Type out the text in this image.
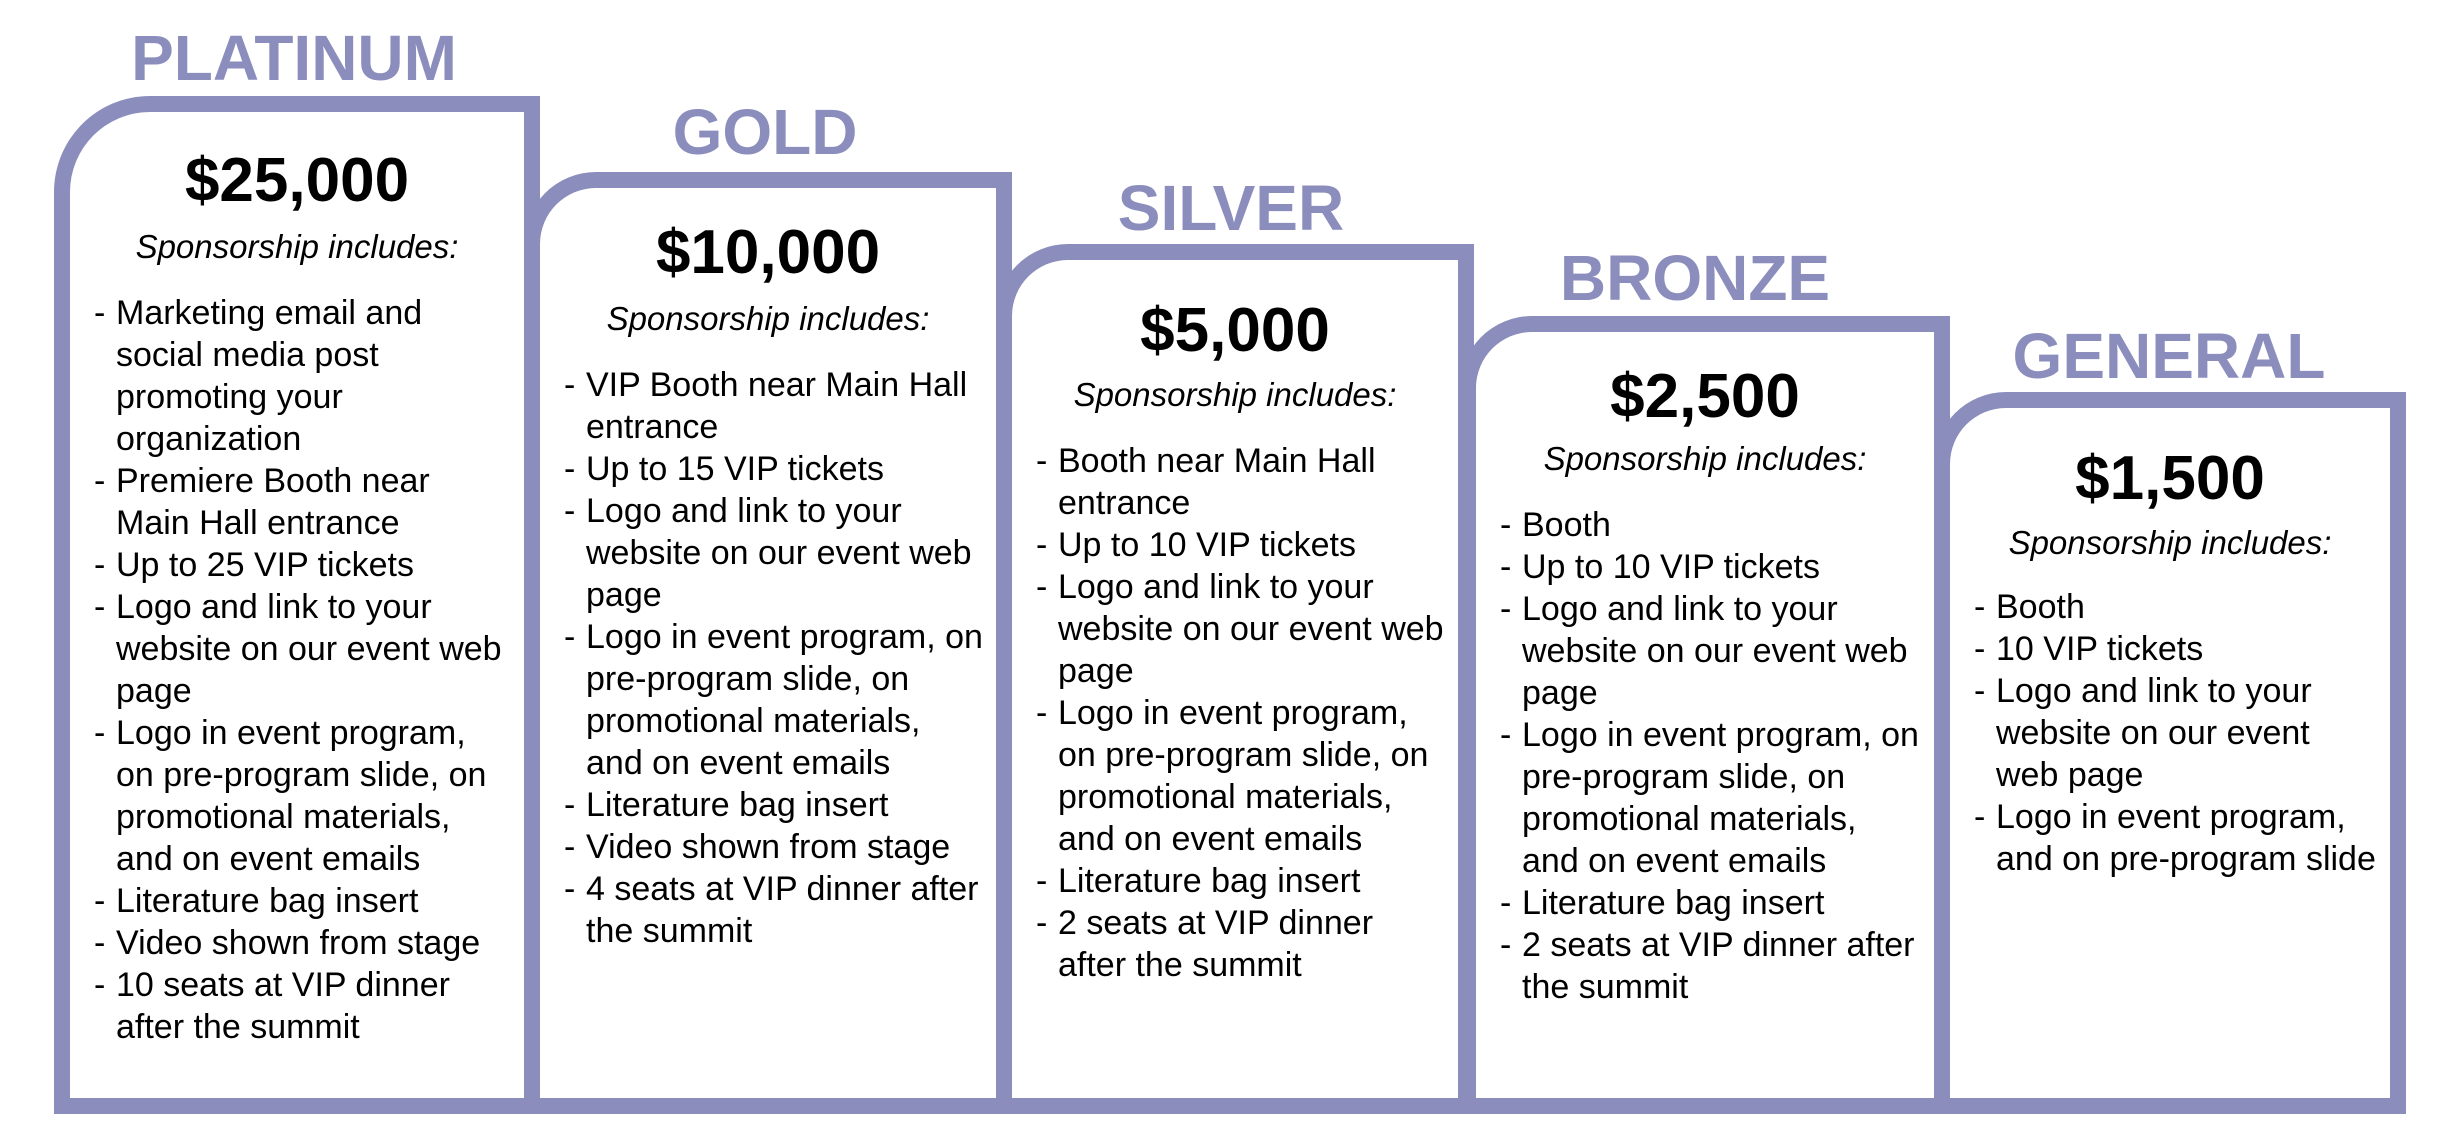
PLATINUM
$25,000
Sponsorship includes:
- Marketing email and social media post promoting your organization
- Premiere Booth near Main Hall entrance
- Up to 25 VIP tickets
- Logo and link to your website on our event web page
- Logo in event program, on pre-program slide, on promotional materials, and on event emails
- Literature bag insert
- Video shown from stage
- 10 seats at VIP dinner after the summit
GOLD
$10,000
Sponsorship includes:
- VIP Booth near Main Hall entrance
- Up to 15 VIP tickets
- Logo and link to your website on our event web page
- Logo in event program, on pre-program slide, on promotional materials, and on event emails
- Literature bag insert
- Video shown from stage
- 4 seats at VIP dinner after the summit
SILVER
$5,000
Sponsorship includes:
- Booth near Main Hall entrance
- Up to 10 VIP tickets
- Logo and link to your website on our event web page
- Logo in event program, on pre-program slide, on promotional materials, and on event emails
- Literature bag insert
- 2 seats at VIP dinner after the summit
BRONZE
$2,500
Sponsorship includes:
- Booth
- Up to 10 VIP tickets
- Logo and link to your website on our event web page
- Logo in event program, on pre-program slide, on promotional materials, and on event emails
- Literature bag insert
- 2 seats at VIP dinner after the summit
GENERAL
$1,500
Sponsorship includes:
- Booth
- 10 VIP tickets
- Logo and link to your website on our event web page
- Logo in event program, and on pre-program slide
